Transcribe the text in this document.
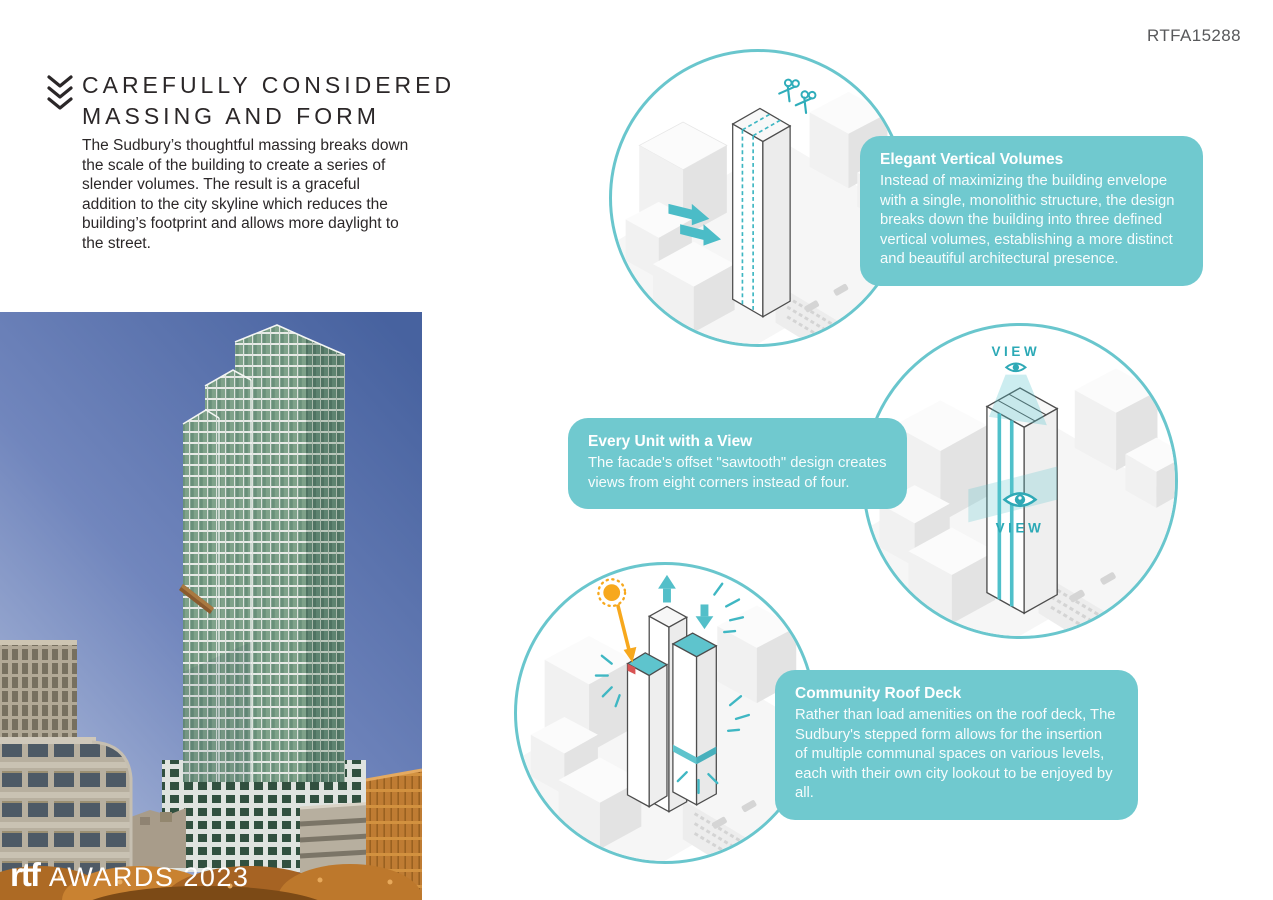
RTFA15288
CAREFULLY CONSIDERED
MASSING AND FORM

The Sudbury’s thoughtful massing breaks down the scale of the building to create a series of slender volumes. The result is a graceful addition to the city skyline which reduces the building’s footprint and allows more daylight to the street.

rtf AWARDS 2023
VIEW
VIEW
Elegant Vertical Volumes
Instead of maximizing the building envelope with a single, monolithic structure, the design breaks down the building into three defined vertical volumes, establishing a more distinct and beautiful architectural presence.
Every Unit with a View
The facade's offset "sawtooth" design creates views from eight corners instead of four.
Community Roof Deck
Rather than load amenities on the roof deck, The Sudbury's stepped form allows for the insertion of multiple communal spaces on various levels, each with their own city lookout to be enjoyed by all.
